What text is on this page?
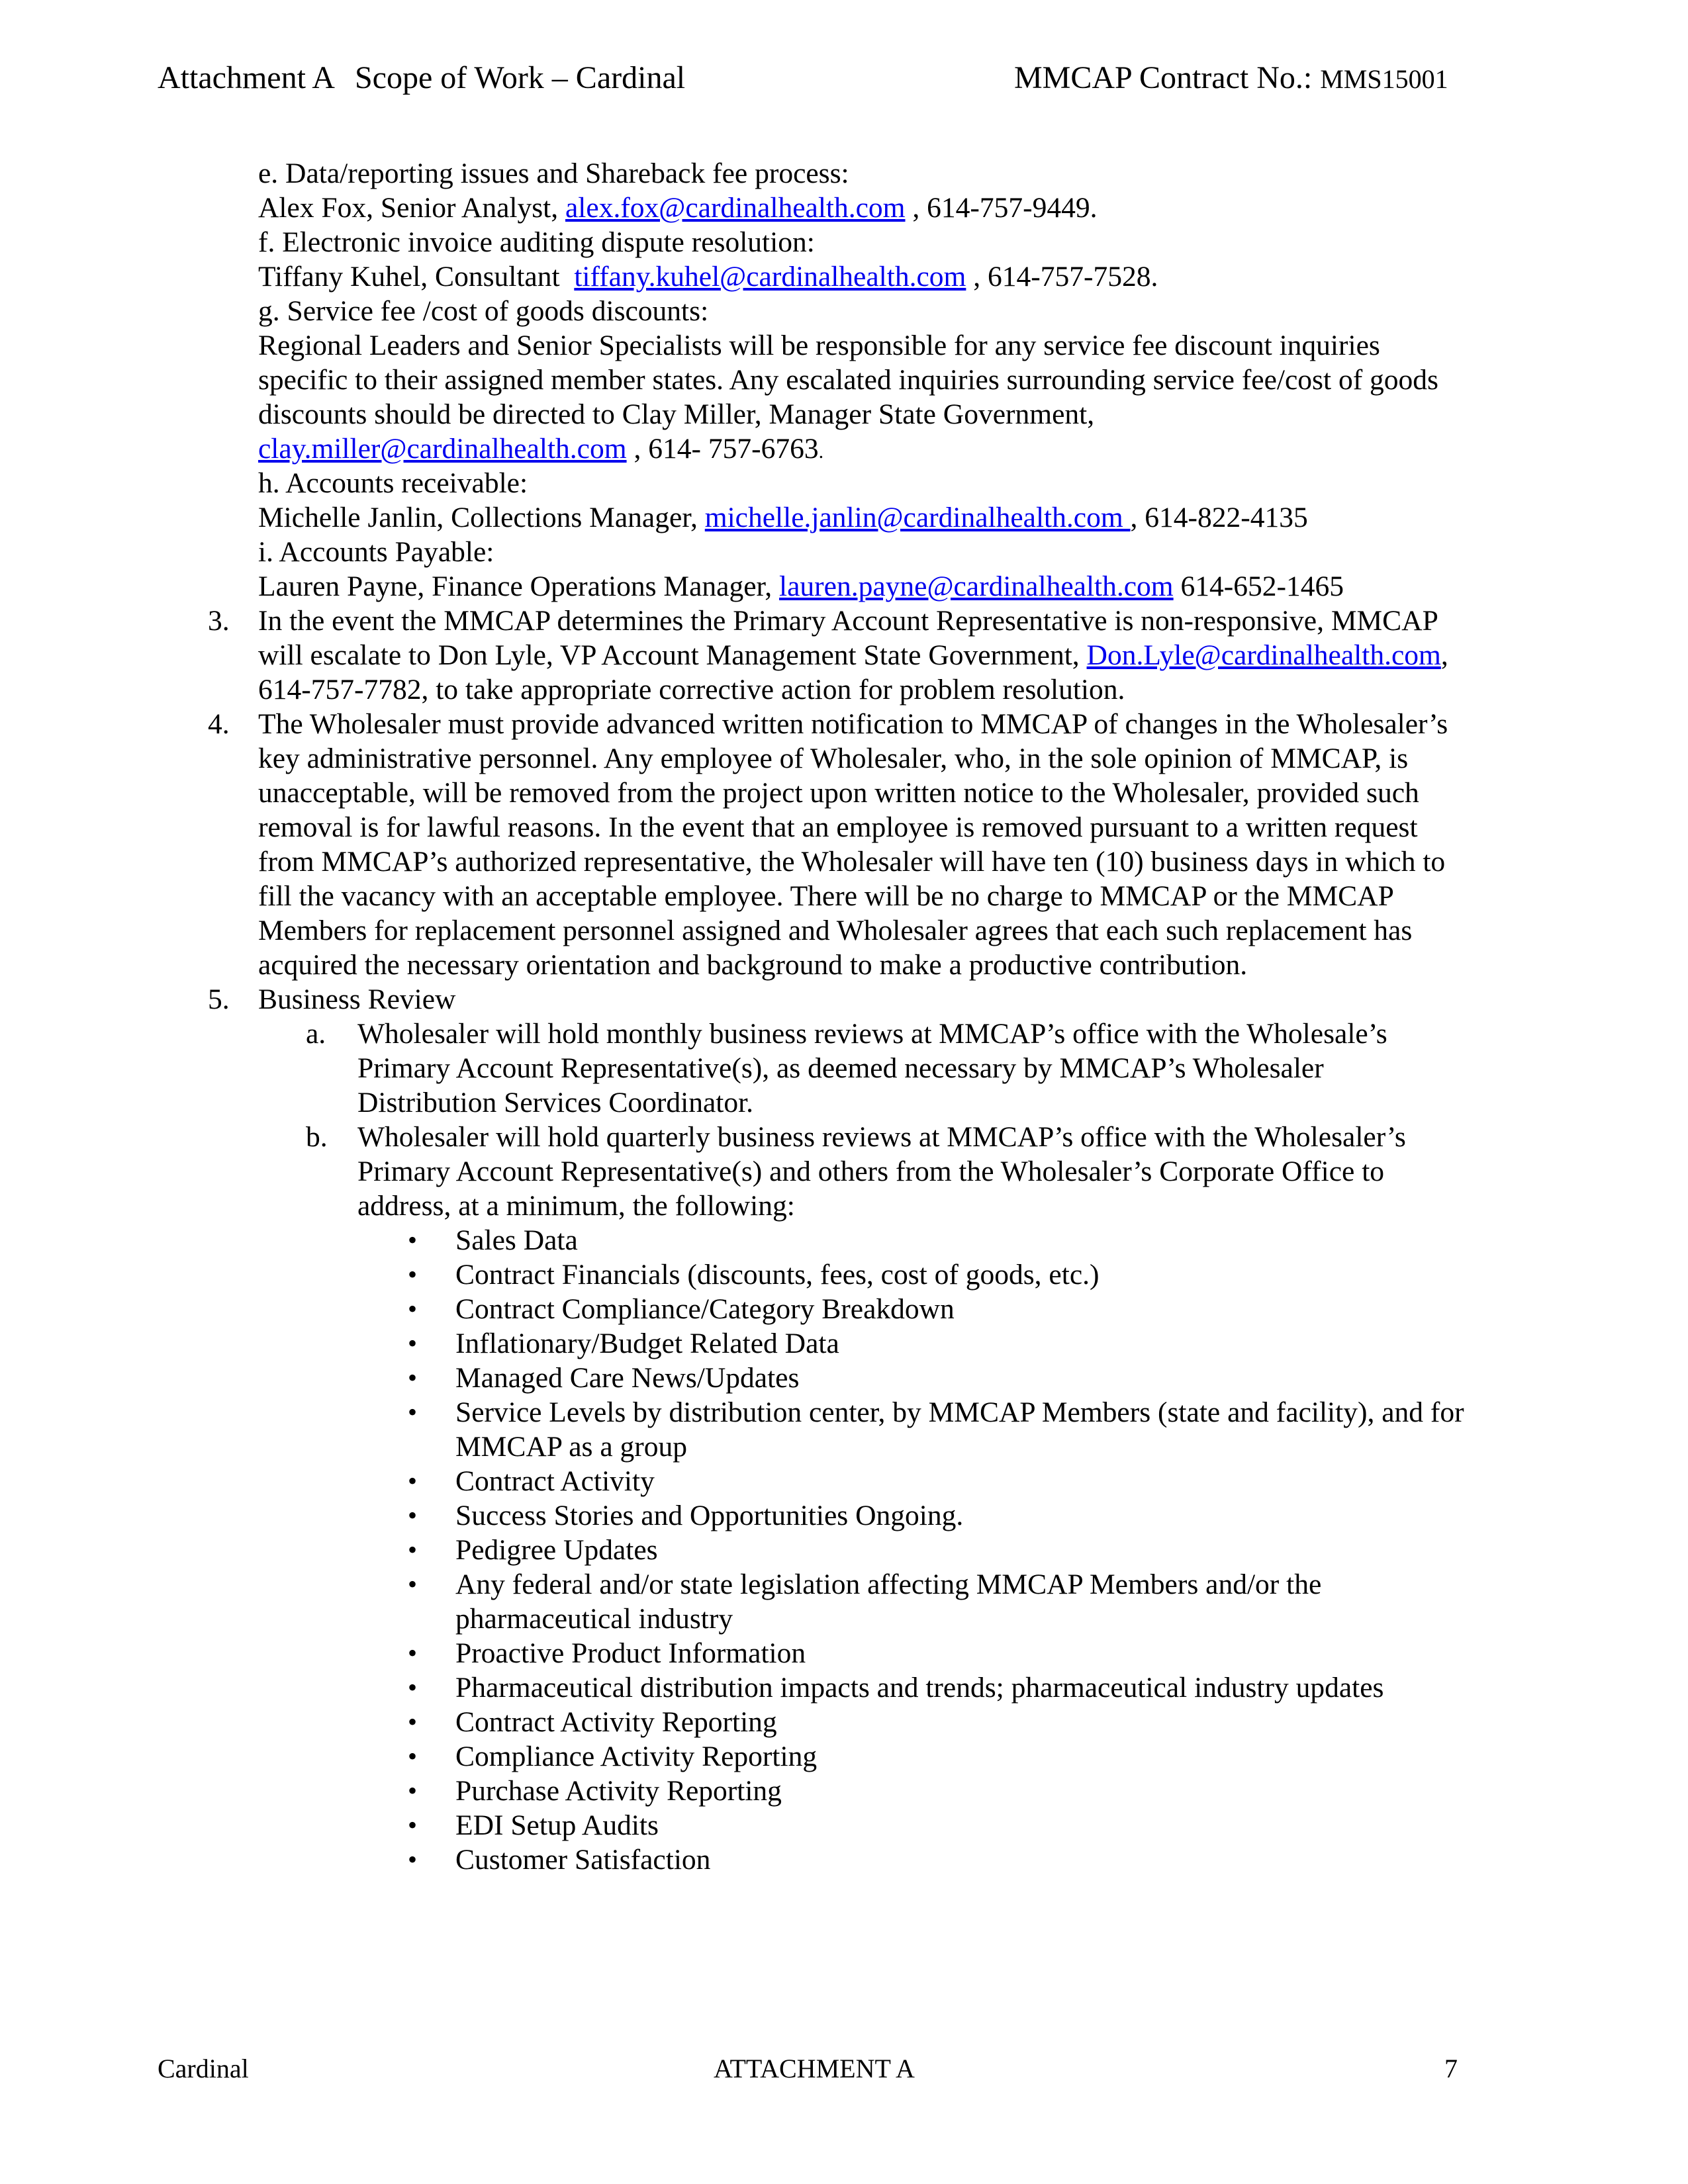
Attachment A Scope of Work – Cardinal	MMCAP Contract No.: MMS15001
e. Data/reporting issues and Shareback fee process:
Alex Fox, Senior Analyst, alex.fox@cardinalhealth.com , 614-757-9449.
f. Electronic invoice auditing dispute resolution:
Tiffany Kuhel, Consultant  tiffany.kuhel@cardinalhealth.com , 614-757-7528.
g. Service fee /cost of goods discounts:
Regional Leaders and Senior Specialists will be responsible for any service fee discount inquiries
specific to their assigned member states. Any escalated inquiries surrounding service fee/cost of goods
discounts should be directed to Clay Miller, Manager State Government,
clay.miller@cardinalhealth.com , 614- 757-6763.
h. Accounts receivable:
Michelle Janlin, Collections Manager, michelle.janlin@cardinalhealth.com , 614-822-4135
i. Accounts Payable:
Lauren Payne, Finance Operations Manager, lauren.payne@cardinalhealth.com 614-652-1465
3. In the event the MMCAP determines the Primary Account Representative is non-responsive, MMCAP
will escalate to Don Lyle, VP Account Management State Government, Don.Lyle@cardinalhealth.com,
614-757-7782, to take appropriate corrective action for problem resolution.
4. The Wholesaler must provide advanced written notification to MMCAP of changes in the Wholesaler’s
key administrative personnel. Any employee of Wholesaler, who, in the sole opinion of MMCAP, is
unacceptable, will be removed from the project upon written notice to the Wholesaler, provided such
removal is for lawful reasons. In the event that an employee is removed pursuant to a written request
from MMCAP’s authorized representative, the Wholesaler will have ten (10) business days in which to
fill the vacancy with an acceptable employee. There will be no charge to MMCAP or the MMCAP
Members for replacement personnel assigned and Wholesaler agrees that each such replacement has
acquired the necessary orientation and background to make a productive contribution.
5. Business Review
a. Wholesaler will hold monthly business reviews at MMCAP’s office with the Wholesale’s
Primary Account Representative(s), as deemed necessary by MMCAP’s Wholesaler
Distribution Services Coordinator.
b. Wholesaler will hold quarterly business reviews at MMCAP’s office with the Wholesaler’s
Primary Account Representative(s) and others from the Wholesaler’s Corporate Office to
address, at a minimum, the following:
• Sales Data
• Contract Financials (discounts, fees, cost of goods, etc.)
• Contract Compliance/Category Breakdown
• Inflationary/Budget Related Data
• Managed Care News/Updates
• Service Levels by distribution center, by MMCAP Members (state and facility), and for
MMCAP as a group
• Contract Activity
• Success Stories and Opportunities Ongoing.
• Pedigree Updates
• Any federal and/or state legislation affecting MMCAP Members and/or the
pharmaceutical industry
• Proactive Product Information
• Pharmaceutical distribution impacts and trends; pharmaceutical industry updates
• Contract Activity Reporting
• Compliance Activity Reporting
• Purchase Activity Reporting
• EDI Setup Audits
• Customer Satisfaction
Cardinal	ATTACHMENT A	7
